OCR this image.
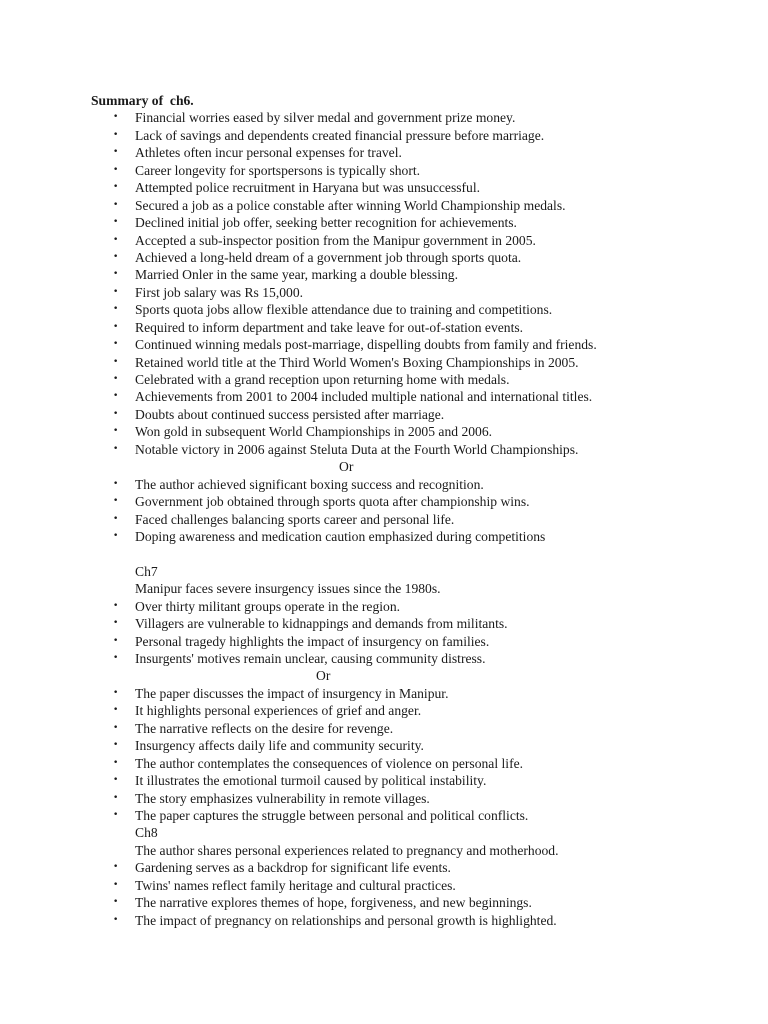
Summary of  ch6.
• Financial worries eased by silver medal and government prize money.
• Lack of savings and dependents created financial pressure before marriage.
• Athletes often incur personal expenses for travel.
• Career longevity for sportspersons is typically short.
• Attempted police recruitment in Haryana but was unsuccessful.
• Secured a job as a police constable after winning World Championship medals.
• Declined initial job offer, seeking better recognition for achievements.
• Accepted a sub-inspector position from the Manipur government in 2005.
• Achieved a long-held dream of a government job through sports quota.
• Married Onler in the same year, marking a double blessing.
• First job salary was Rs 15,000.
• Sports quota jobs allow flexible attendance due to training and competitions.
• Required to inform department and take leave for out-of-station events.
• Continued winning medals post-marriage, dispelling doubts from family and friends.
• Retained world title at the Third World Women's Boxing Championships in 2005.
• Celebrated with a grand reception upon returning home with medals.
• Achievements from 2001 to 2004 included multiple national and international titles.
• Doubts about continued success persisted after marriage.
• Won gold in subsequent World Championships in 2005 and 2006.
• Notable victory in 2006 against Steluta Duta at the Fourth World Championships.
Or
• The author achieved significant boxing success and recognition.
• Government job obtained through sports quota after championship wins.
• Faced challenges balancing sports career and personal life.
• Doping awareness and medication caution emphasized during competitions
Ch7
Manipur faces severe insurgency issues since the 1980s.
• Over thirty militant groups operate in the region.
• Villagers are vulnerable to kidnappings and demands from militants.
• Personal tragedy highlights the impact of insurgency on families.
• Insurgents' motives remain unclear, causing community distress.
Or
• The paper discusses the impact of insurgency in Manipur.
• It highlights personal experiences of grief and anger.
• The narrative reflects on the desire for revenge.
• Insurgency affects daily life and community security.
• The author contemplates the consequences of violence on personal life.
• It illustrates the emotional turmoil caused by political instability.
• The story emphasizes vulnerability in remote villages.
• The paper captures the struggle between personal and political conflicts.
Ch8
The author shares personal experiences related to pregnancy and motherhood.
• Gardening serves as a backdrop for significant life events.
• Twins' names reflect family heritage and cultural practices.
• The narrative explores themes of hope, forgiveness, and new beginnings.
• The impact of pregnancy on relationships and personal growth is highlighted.
